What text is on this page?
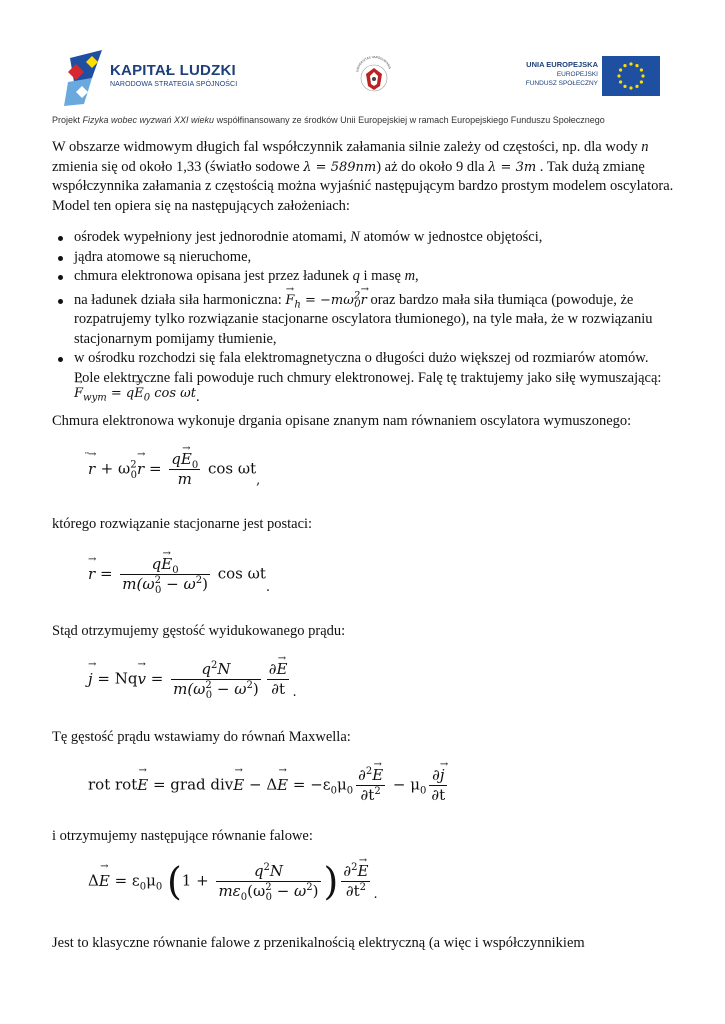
KAPITAŁ LUDZKI
NARODOWA STRATEGIA SPÓJNOŚCI
UNIVERSITAS VARSOVIENSIS	UNIA EUROPEJSKA
EUROPEJSKI
FUNDUSZ SPOŁECZNY
Projekt Fizyka wobec wyzwań XXI wieku współfinansowany ze środków Unii Europejskiej w ramach Europejskiego Funduszu Społecznego

W obszarze widmowym długich fal współczynnik załamania silnie zależy od częstości, np. dla wody n zmienia się od około 1,33 (światło sodowe λ = 589nm) aż do około 9 dla λ = 3m . Tak dużą zmianę współczynnika załamania z częstością można wyjaśnić następującym bardzo prostym modelem oscylatora. Model ten opiera się na następujących założeniach:

ośrodek wypełniony jest jednorodnie atomami, N atomów w jednostce objętości,
jądra atomowe są nieruchome,
chmura elektronowa opisana jest przez ładunek q i masę m,
na ładunek działa siła harmoniczna: $F \to_h = -m\omega^2_0r$ → oraz bardzo mała siła tłumiąca (powoduje, że rozpatrujemy tylko rozwiązanie stacjonarne oscylatora tłumionego), na tyle mała, że w rozwiązaniu stacjonarnym pomijamy tłumienie,
w ośrodku rozchodzi się fala elektromagnetyczna o długości dużo większej od rozmiarów atomów. Pole elektryczne fali powoduje ruch chmury elektronowej. Falę tę traktujemy jako siłę wymuszającą: $F \to_{wym}$ = qE $\to_0$ cos ωt.
Chmura elektronowa wykonuje drgania opisane znanym nam równaniem oscylatora wymuszonego:
$r \to^¨+ \omega^2_0r$ → = $\frac{qE \to_0}{m}$ cos ωt,
którego rozwiązanie stacjonarne jest postaci:
r → = $\frac{qE \to_0}{m(\omega^2_0 - \omega^2)}$ cos ωt.
Stąd otrzymujemy gęstość wyidukowanego prądu:
j → = Nqv → = $\frac{q^2N}{m(\omega^2_0 - \omega^2)} \frac{\partial E \to}{\partial t}$ .
Tę gęstość prądu wstawiamy do równań Maxwella:
rot rotE → = grad divE → − ΔE → = $-\varepsilon_0\mu_0 \frac{\partial^2E \to}{\partial t^2} - \mu_0 \frac{\partial j \to}{\partial t}$
i otrzymujemy następujące równanie falowe:
ΔE → = $\varepsilon_0\mu_0$ ($1 + \frac{q^2N}{m\varepsilon_0(\omega^2_0 - \omega^2)}$ ) $\frac{\partial^2E \to}{\partial t^2}$ .
Jest to klasyczne równanie falowe z przenikalnością elektryczną (a więc i współczynnikiem
